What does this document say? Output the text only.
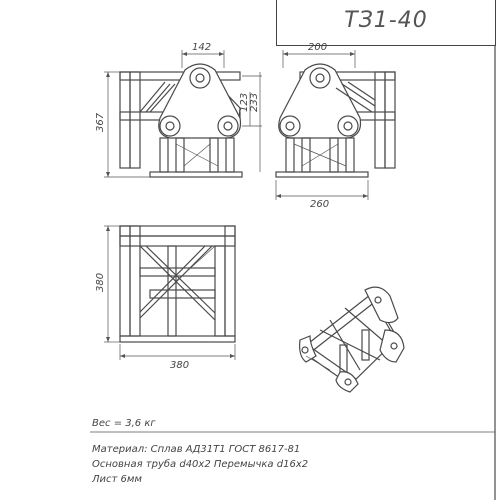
ТЗ1-40
142
367
123 233
200
260
380
380
Вес = 3,6 кг
Материал: Сплав АД31Т1 ГОСТ 8617-81
Основная труба d40x2 Перемычка d16x2
Лист 6мм
